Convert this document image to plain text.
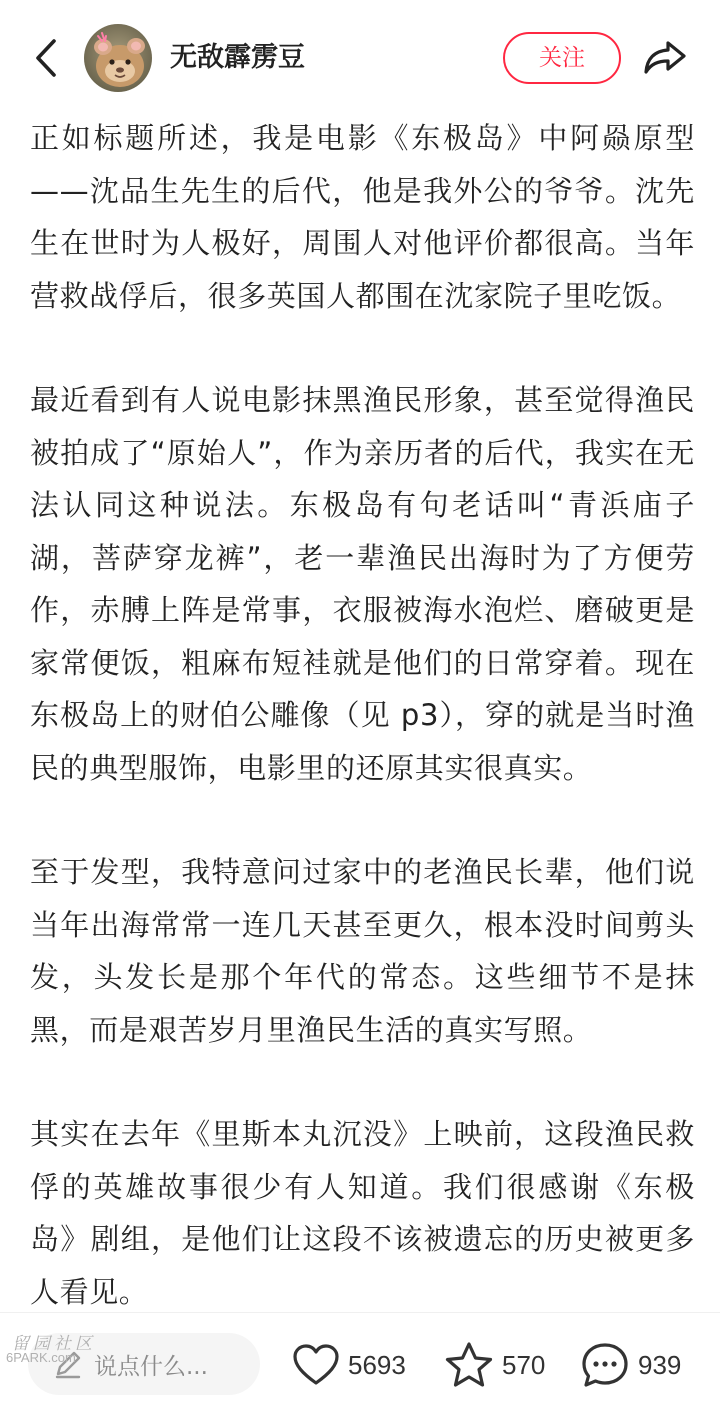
无敌霹雳豆	关注

正如标题所述，我是电影《东极岛》中阿赑原型——沈品生先生的后代，他是我外公的爷爷。沈先生在世时为人极好，周围人对他评价都很高。当年营救战俘后，很多英国人都围在沈家院子里吃饭。

最近看到有人说电影抹黑渔民形象，甚至觉得渔民被拍成了“原始人”，作为亲历者的后代，我实在无法认同这种说法。东极岛有句老话叫“青浜庙子湖，菩萨穿龙裤”，老一辈渔民出海时为了方便劳作，赤膊上阵是常事，衣服被海水泡烂、磨破更是家常便饭，粗麻布短袿就是他们的日常穿着。现在东极岛上的财伯公雕像（见 p3），穿的就是当时渔民的典型服饰，电影里的还原其实很真实。

至于发型，我特意问过家中的老渔民长辈，他们说当年出海常常一连几天甚至更久，根本没时间剪头发，头发长是那个年代的常态。这些细节不是抹黑，而是艰苦岁月里渔民生活的真实写照。

其实在去年《里斯本丸沉没》上映前，这段渔民救俘的英雄故事很少有人知道。我们很感谢《东极岛》剧组，是他们让这段不该被遗忘的历史被更多人看见。

说点什么...
留园社区
6PARK.com	5693	570	939
